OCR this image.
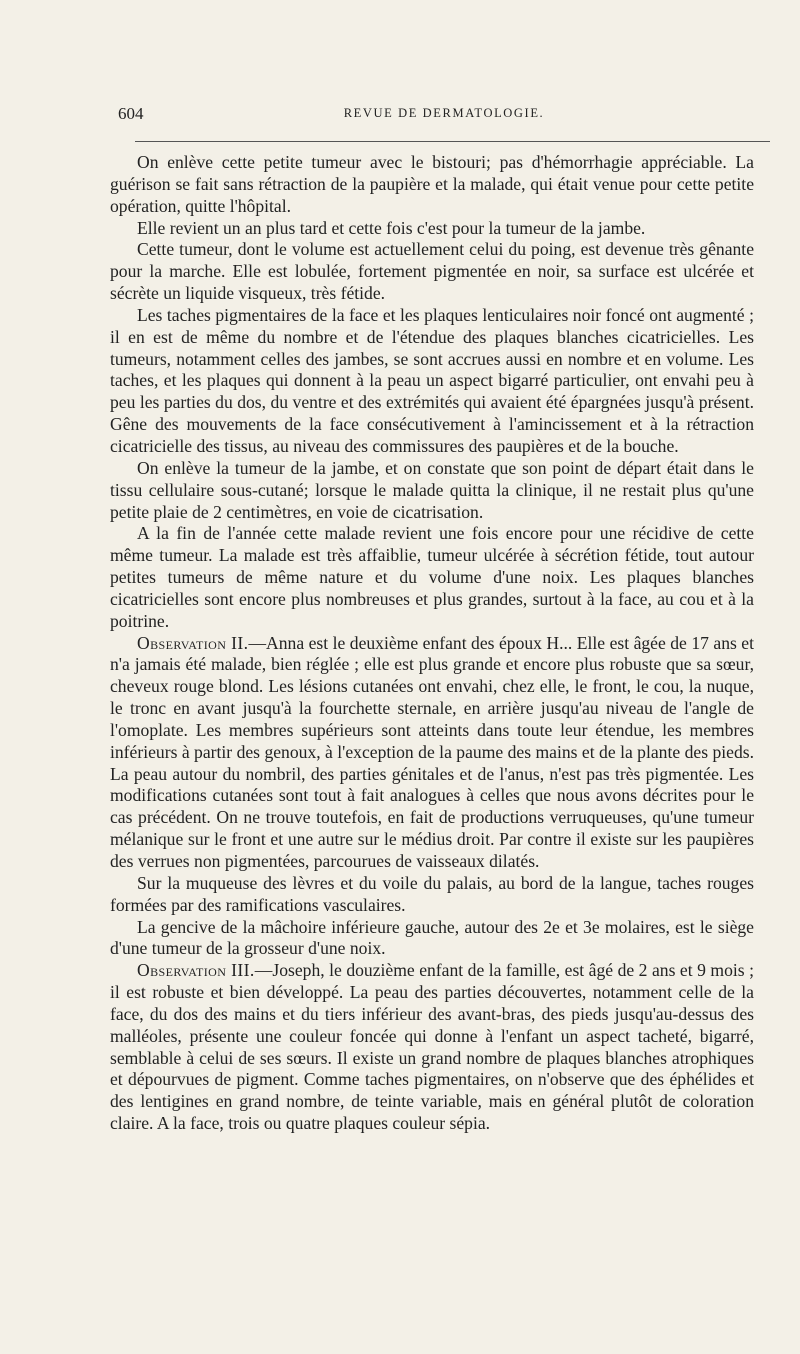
604	REVUE DE DERMATOLOGIE.

On enlève cette petite tumeur avec le bistouri; pas d'hémorrhagie appréciable. La guérison se fait sans rétraction de la paupière et la malade, qui était venue pour cette petite opération, quitte l'hôpital.

Elle revient un an plus tard et cette fois c'est pour la tumeur de la jambe.

Cette tumeur, dont le volume est actuellement celui du poing, est devenue très gênante pour la marche. Elle est lobulée, fortement pigmentée en noir, sa surface est ulcérée et sécrète un liquide visqueux, très fétide.

Les taches pigmentaires de la face et les plaques lenticulaires noir foncé ont augmenté ; il en est de même du nombre et de l'étendue des plaques blanches cicatricielles. Les tumeurs, notamment celles des jambes, se sont accrues aussi en nombre et en volume. Les taches, et les plaques qui donnent à la peau un aspect bigarré particulier, ont envahi peu à peu les parties du dos, du ventre et des extrémités qui avaient été épargnées jusqu'à présent. Gêne des mouvements de la face consécutivement à l'amincissement et à la rétraction cicatricielle des tissus, au niveau des commissures des paupières et de la bouche.

On enlève la tumeur de la jambe, et on constate que son point de départ était dans le tissu cellulaire sous-cutané; lorsque le malade quitta la clinique, il ne restait plus qu'une petite plaie de 2 centimètres, en voie de cicatrisation.

A la fin de l'année cette malade revient une fois encore pour une récidive de cette même tumeur. La malade est très affaiblie, tumeur ulcérée à sécrétion fétide, tout autour petites tumeurs de même nature et du volume d'une noix. Les plaques blanches cicatricielles sont encore plus nombreuses et plus grandes, surtout à la face, au cou et à la poitrine.

Observation II.—Anna est le deuxième enfant des époux H... Elle est âgée de 17 ans et n'a jamais été malade, bien réglée ; elle est plus grande et encore plus robuste que sa sœur, cheveux rouge blond. Les lésions cutanées ont envahi, chez elle, le front, le cou, la nuque, le tronc en avant jusqu'à la fourchette sternale, en arrière jusqu'au niveau de l'angle de l'omoplate. Les membres supérieurs sont atteints dans toute leur étendue, les membres inférieurs à partir des genoux, à l'exception de la paume des mains et de la plante des pieds. La peau autour du nombril, des parties génitales et de l'anus, n'est pas très pigmentée. Les modifications cutanées sont tout à fait analogues à celles que nous avons décrites pour le cas précédent. On ne trouve toutefois, en fait de productions verruqueuses, qu'une tumeur mélanique sur le front et une autre sur le médius droit. Par contre il existe sur les paupières des verrues non pigmentées, parcourues de vaisseaux dilatés.

Sur la muqueuse des lèvres et du voile du palais, au bord de la langue, taches rouges formées par des ramifications vasculaires.

La gencive de la mâchoire inférieure gauche, autour des 2e et 3e molaires, est le siège d'une tumeur de la grosseur d'une noix.

Observation III.—Joseph, le douzième enfant de la famille, est âgé de 2 ans et 9 mois ; il est robuste et bien développé. La peau des parties découvertes, notamment celle de la face, du dos des mains et du tiers inférieur des avant-bras, des pieds jusqu'au-dessus des malléoles, présente une couleur foncée qui donne à l'enfant un aspect tacheté, bigarré, semblable à celui de ses sœurs. Il existe un grand nombre de plaques blanches atrophiques et dépourvues de pigment. Comme taches pigmentaires, on n'observe que des éphélides et des lentigines en grand nombre, de teinte variable, mais en général plutôt de coloration claire. A la face, trois ou quatre plaques couleur sépia.
